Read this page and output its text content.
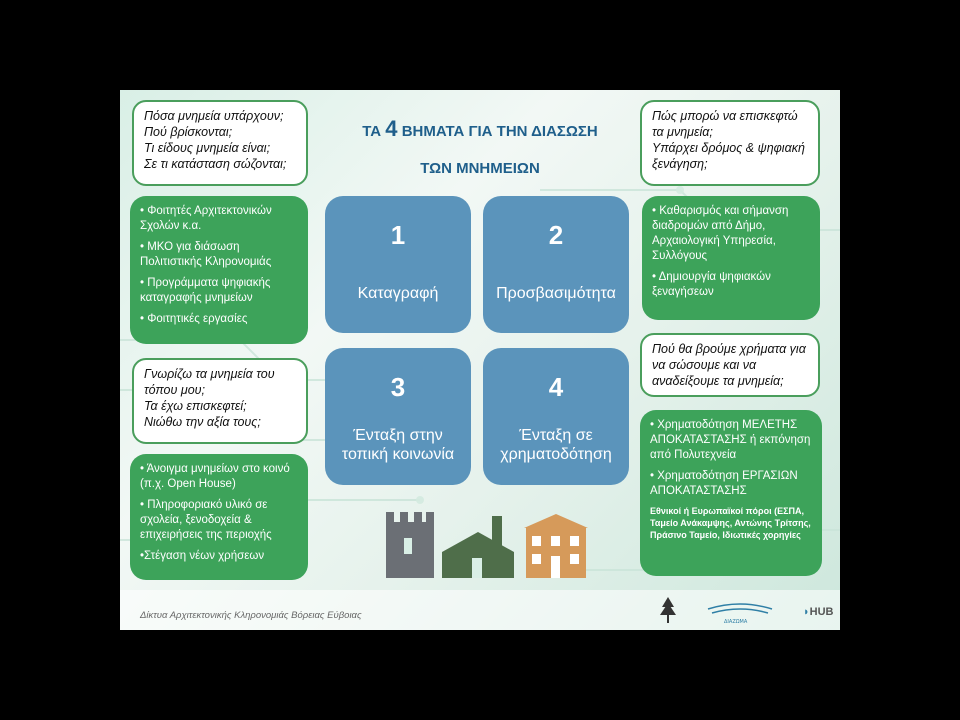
ΤΑ 4 ΒΗΜΑΤΑ ΓΙΑ ΤΗΝ ΔΙΑΣΩΣΗ
ΤΩΝ ΜΝΗΜΕΙΩΝ
Πόσα μνημεία υπάρχουν;
Πού βρίσκονται;
Τι είδους μνημεία είναι;
Σε τι κατάσταση σώζονται;
Πώς μπορώ να επισκεφτώ τα μνημεία;
Υπάρχει δρόμος & ψηφιακή ξενάγηση;
Γνωρίζω τα μνημεία του τόπου μου;
Τα έχω επισκεφτεί;
Νιώθω την αξία τους;
Πού θα βρούμε χρήματα για να σώσουμε και να αναδείξουμε τα μνημεία;
• Φοιτητές Αρχιτεκτονικών Σχολών κ.α.
• ΜΚΟ για διάσωση Πολιτιστικής Κληρονομιάς
• Προγράμματα ψηφιακής καταγραφής μνημείων
• Φοιτητικές εργασίες
• Καθαρισμός και σήμανση διαδρομών από Δήμο, Αρχαιολογική Υπηρεσία, Συλλόγους
• Δημιουργία ψηφιακών ξεναγήσεων
• Άνοιγμα μνημείων στο κοινό (π.χ. Open House)
• Πληροφοριακό υλικό σε σχολεία, ξενοδοχεία & επιχειρήσεις της περιοχής
•Στέγαση νέων χρήσεων
• Χρηματοδότηση ΜΕΛΕΤΗΣ ΑΠΟΚΑΤΑΣΤΑΣΗΣ ή εκπόνηση από Πολυτεχνεία
• Χρηματοδότηση ΕΡΓΑΣΙΩΝ ΑΠΟΚΑΤΑΣΤΑΣΗΣ
Εθνικοί ή Ευρωπαϊκοί πόροι (ΕΣΠΑ, Ταμείο Ανάκαμψης, Αντώνης Τρίτσης, Πράσινο Ταμείο, Ιδιωτικές χορηγίες
1
Καταγραφή
2
Προσβασιμότητα
3
Ένταξη στην τοπική κοινωνία
4
Ένταξη σε χρηματοδότηση
Δίκτυα Αρχιτεκτονικής Κληρονομιάς Βόρειας Εύβοιας
ΔΙΑΖΩΜΑ
◗HUB
